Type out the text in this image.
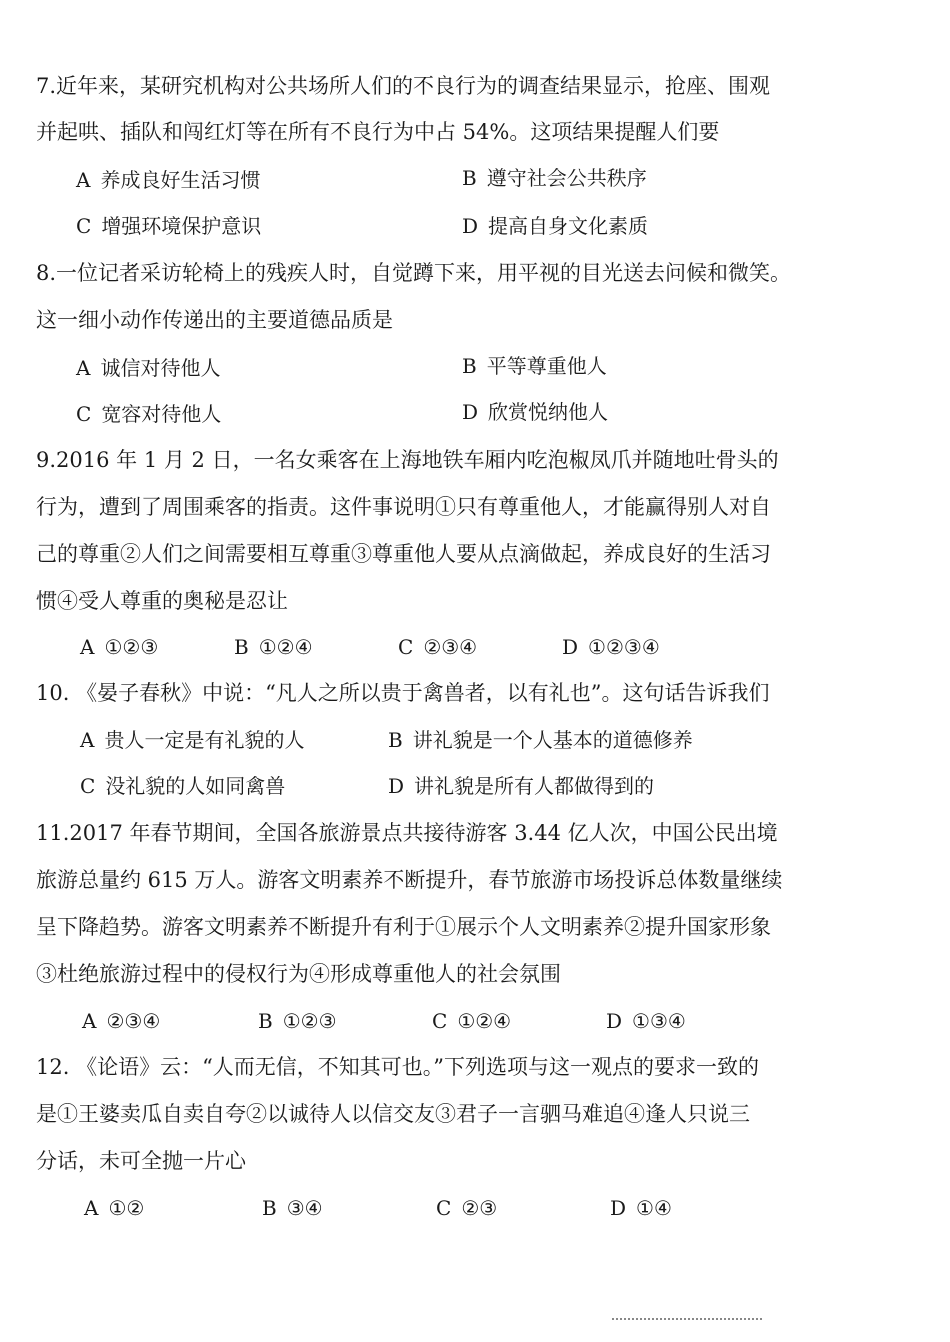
7.近年来，某研究机构对公共场所人们的不良行为的调查结果显示，抢座、围观
并起哄、插队和闯红灯等在所有不良行为中占 54%。这项结果提醒人们要
A 养成良好生活习惯	B 遵守社会公共秩序
C 增强环境保护意识	D 提高自身文化素质
8.一位记者采访轮椅上的残疾人时，自觉蹲下来，用平视的目光送去问候和微笑。
这一细小动作传递出的主要道德品质是
A 诚信对待他人	B 平等尊重他人
C 宽容对待他人	D 欣赏悦纳他人
9.2016 年 1 月 2 日，一名女乘客在上海地铁车厢内吃泡椒凤爪并随地吐骨头的
行为，遭到了周围乘客的指责。这件事说明①只有尊重他人，才能赢得别人对自
己的尊重②人们之间需要相互尊重③尊重他人要从点滴做起，养成良好的生活习
惯④受人尊重的奥秘是忍让
A ①②③	B ①②④	C ②③④	D ①②③④
10. 《晏子春秋》中说：“凡人之所以贵于禽兽者，以有礼也”。这句话告诉我们
A 贵人一定是有礼貌的人	B 讲礼貌是一个人基本的道德修养
C 没礼貌的人如同禽兽	D 讲礼貌是所有人都做得到的
11.2017 年春节期间，全国各旅游景点共接待游客 3.44 亿人次，中国公民出境
旅游总量约 615 万人。游客文明素养不断提升，春节旅游市场投诉总体数量继续
呈下降趋势。游客文明素养不断提升有利于①展示个人文明素养②提升国家形象
③杜绝旅游过程中的侵权行为④形成尊重他人的社会氛围
A ②③④	B ①②③	C ①②④	D ①③④
12. 《论语》云：“人而无信，不知其可也。”下列选项与这一观点的要求一致的
是①王婆卖瓜自卖自夸②以诚待人以信交友③君子一言驷马难追④逢人只说三
分话，未可全抛一片心
A ①②	B ③④	C ②③	D ①④
